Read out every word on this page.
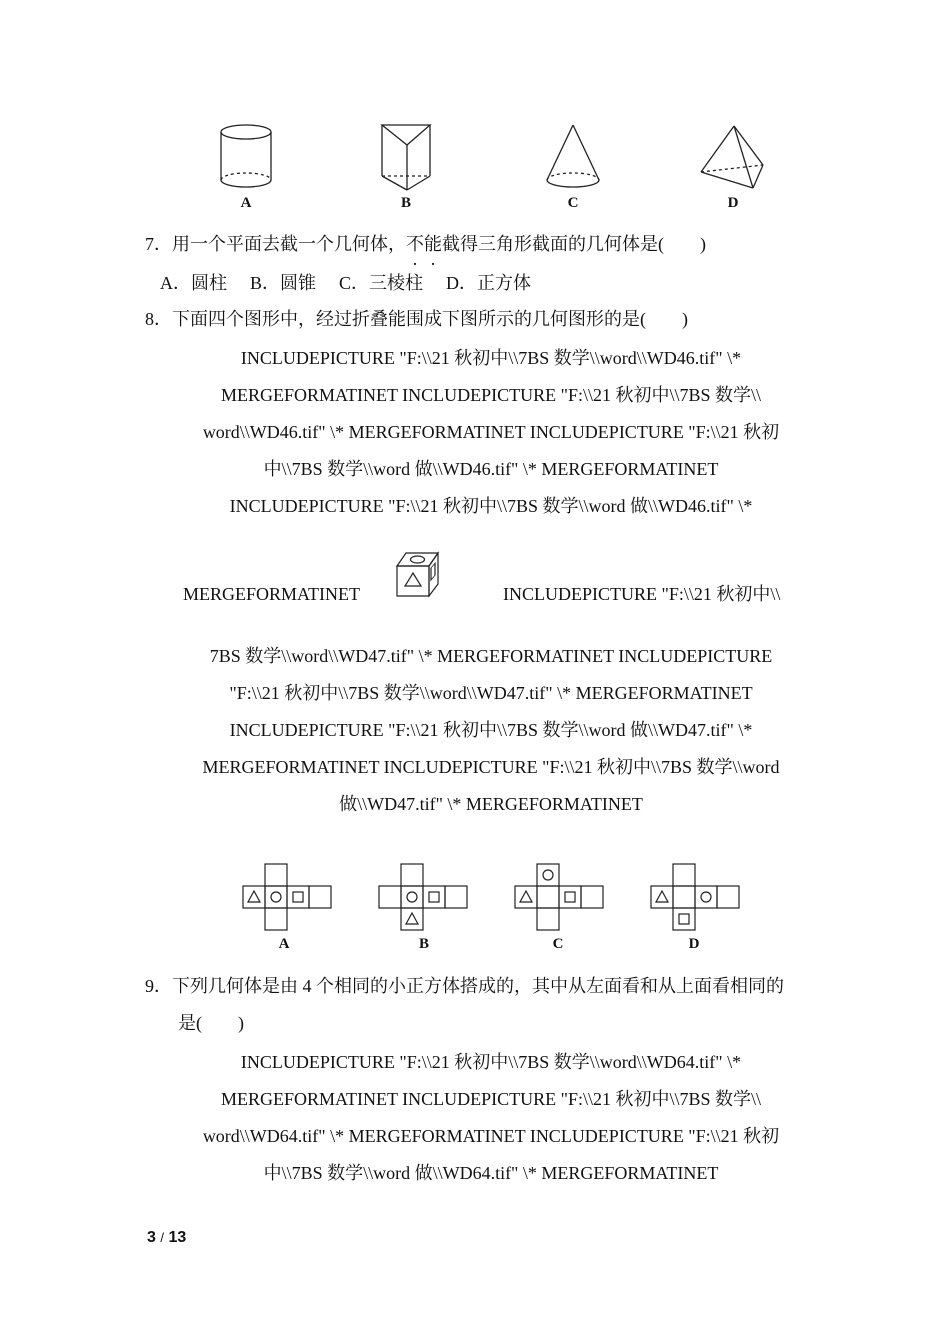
A	B	C	D
7．用一个平面去截一个几何体，不能截得三角形截面的几何体是(　　)
A．圆柱 B．圆锥 C．三棱柱 D．正方体
8．下面四个图形中，经过折叠能围成下图所示的几何图形的是(　　)
INCLUDEPICTURE "F:\\21 秋初中\\7BS 数学\\word\\WD46.tif" \*
MERGEFORMATINET INCLUDEPICTURE "F:\\21 秋初中\\7BS 数学\\
word\\WD46.tif" \* MERGEFORMATINET INCLUDEPICTURE "F:\\21 秋初
中\\7BS 数学\\word 做\\WD46.tif" \* MERGEFORMATINET
INCLUDEPICTURE "F:\\21 秋初中\\7BS 数学\\word 做\\WD46.tif" \*
MERGEFORMATINET	INCLUDEPICTURE "F:\\21 秋初中\\
7BS 数学\\word\\WD47.tif" \* MERGEFORMATINET INCLUDEPICTURE
"F:\\21 秋初中\\7BS 数学\\word\\WD47.tif" \* MERGEFORMATINET
INCLUDEPICTURE "F:\\21 秋初中\\7BS 数学\\word 做\\WD47.tif" \*
MERGEFORMATINET INCLUDEPICTURE "F:\\21 秋初中\\7BS 数学\\word
做\\WD47.tif" \* MERGEFORMATINET
A	B	C	D
9．下列几何体是由 4 个相同的小正方体搭成的，其中从左面看和从上面看相同的
是(　　)
INCLUDEPICTURE "F:\\21 秋初中\\7BS 数学\\word\\WD64.tif" \*
MERGEFORMATINET INCLUDEPICTURE "F:\\21 秋初中\\7BS 数学\\
word\\WD64.tif" \* MERGEFORMATINET INCLUDEPICTURE "F:\\21 秋初
中\\7BS 数学\\word 做\\WD64.tif" \* MERGEFORMATINET
3 / 13
